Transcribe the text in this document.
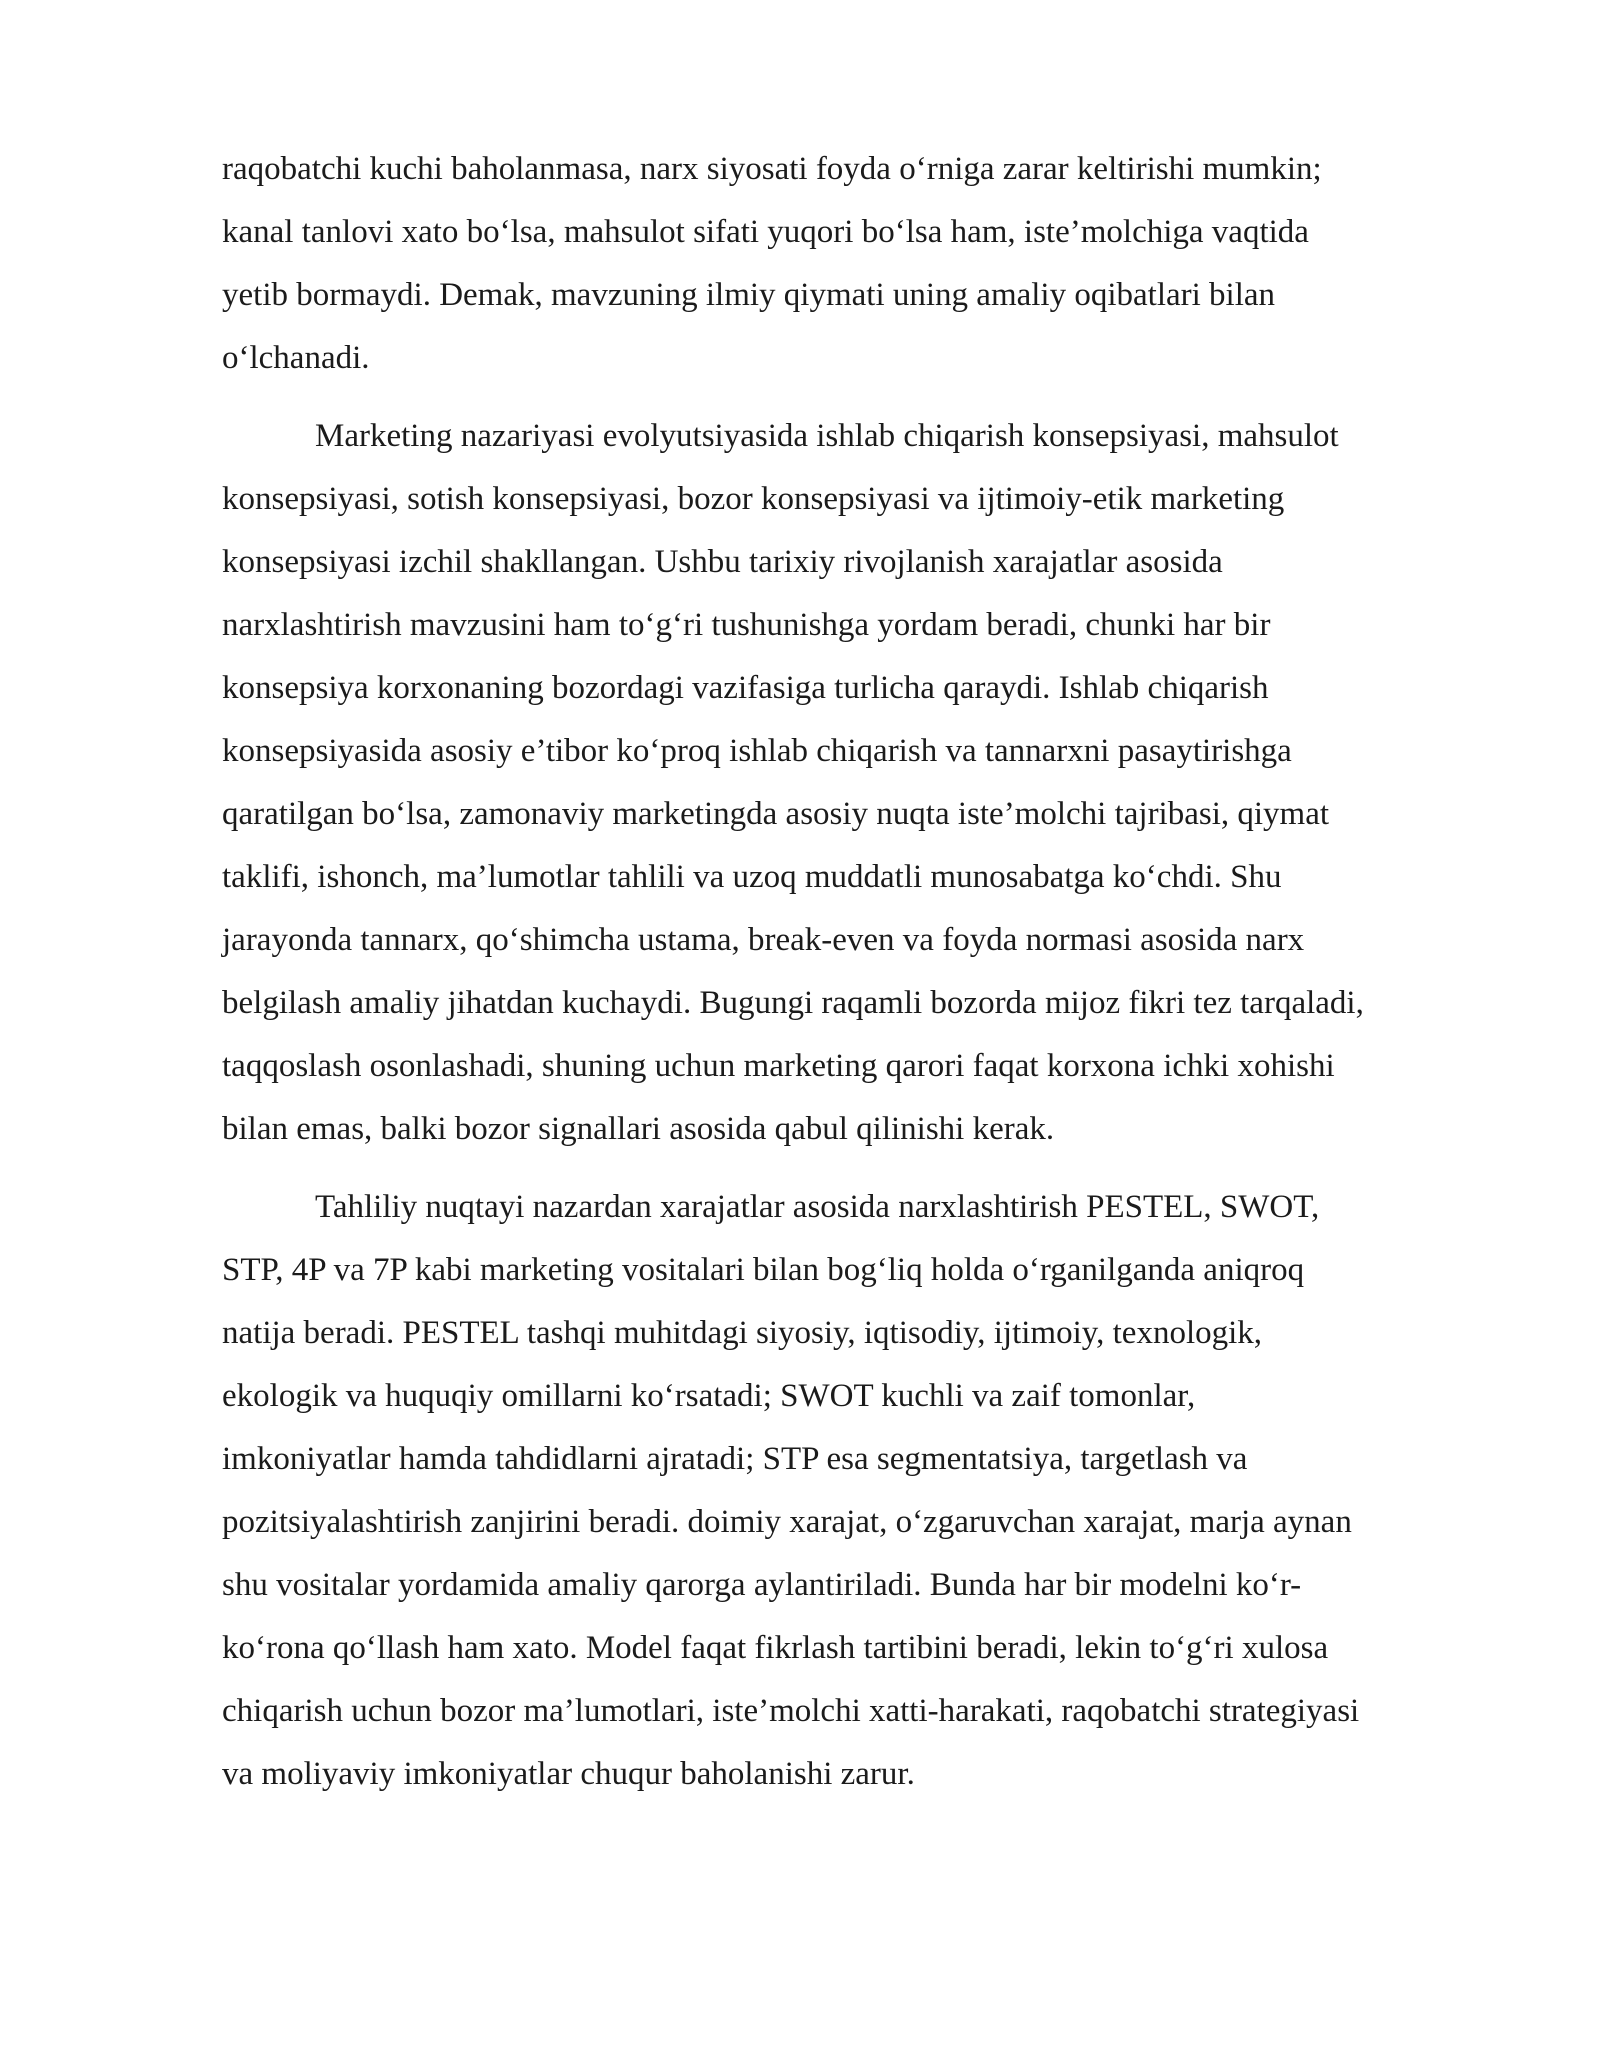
raqobatchi kuchi baholanmasa, narx siyosati foyda o‘rniga zarar keltirishi mumkin;
kanal tanlovi xato bo‘lsa, mahsulot sifati yuqori bo‘lsa ham, iste’molchiga vaqtida
yetib bormaydi. Demak, mavzuning ilmiy qiymati uning amaliy oqibatlari bilan
o‘lchanadi.
Marketing nazariyasi evolyutsiyasida ishlab chiqarish konsepsiyasi, mahsulot
konsepsiyasi, sotish konsepsiyasi, bozor konsepsiyasi va ijtimoiy-etik marketing
konsepsiyasi izchil shakllangan. Ushbu tarixiy rivojlanish xarajatlar asosida
narxlashtirish mavzusini ham to‘g‘ri tushunishga yordam beradi, chunki har bir
konsepsiya korxonaning bozordagi vazifasiga turlicha qaraydi. Ishlab chiqarish
konsepsiyasida asosiy e’tibor ko‘proq ishlab chiqarish va tannarxni pasaytirishga
qaratilgan bo‘lsa, zamonaviy marketingda asosiy nuqta iste’molchi tajribasi, qiymat
taklifi, ishonch, ma’lumotlar tahlili va uzoq muddatli munosabatga ko‘chdi. Shu
jarayonda tannarx, qo‘shimcha ustama, break-even va foyda normasi asosida narx
belgilash amaliy jihatdan kuchaydi. Bugungi raqamli bozorda mijoz fikri tez tarqaladi,
taqqoslash osonlashadi, shuning uchun marketing qarori faqat korxona ichki xohishi
bilan emas, balki bozor signallari asosida qabul qilinishi kerak.
Tahliliy nuqtayi nazardan xarajatlar asosida narxlashtirish PESTEL, SWOT,
STP, 4P va 7P kabi marketing vositalari bilan bog‘liq holda o‘rganilganda aniqroq
natija beradi. PESTEL tashqi muhitdagi siyosiy, iqtisodiy, ijtimoiy, texnologik,
ekologik va huquqiy omillarni ko‘rsatadi; SWOT kuchli va zaif tomonlar,
imkoniyatlar hamda tahdidlarni ajratadi; STP esa segmentatsiya, targetlash va
pozitsiyalashtirish zanjirini beradi. doimiy xarajat, o‘zgaruvchan xarajat, marja aynan
shu vositalar yordamida amaliy qarorga aylantiriladi. Bunda har bir modelni ko‘r-
ko‘rona qo‘llash ham xato. Model faqat fikrlash tartibini beradi, lekin to‘g‘ri xulosa
chiqarish uchun bozor ma’lumotlari, iste’molchi xatti-harakati, raqobatchi strategiyasi
va moliyaviy imkoniyatlar chuqur baholanishi zarur.
